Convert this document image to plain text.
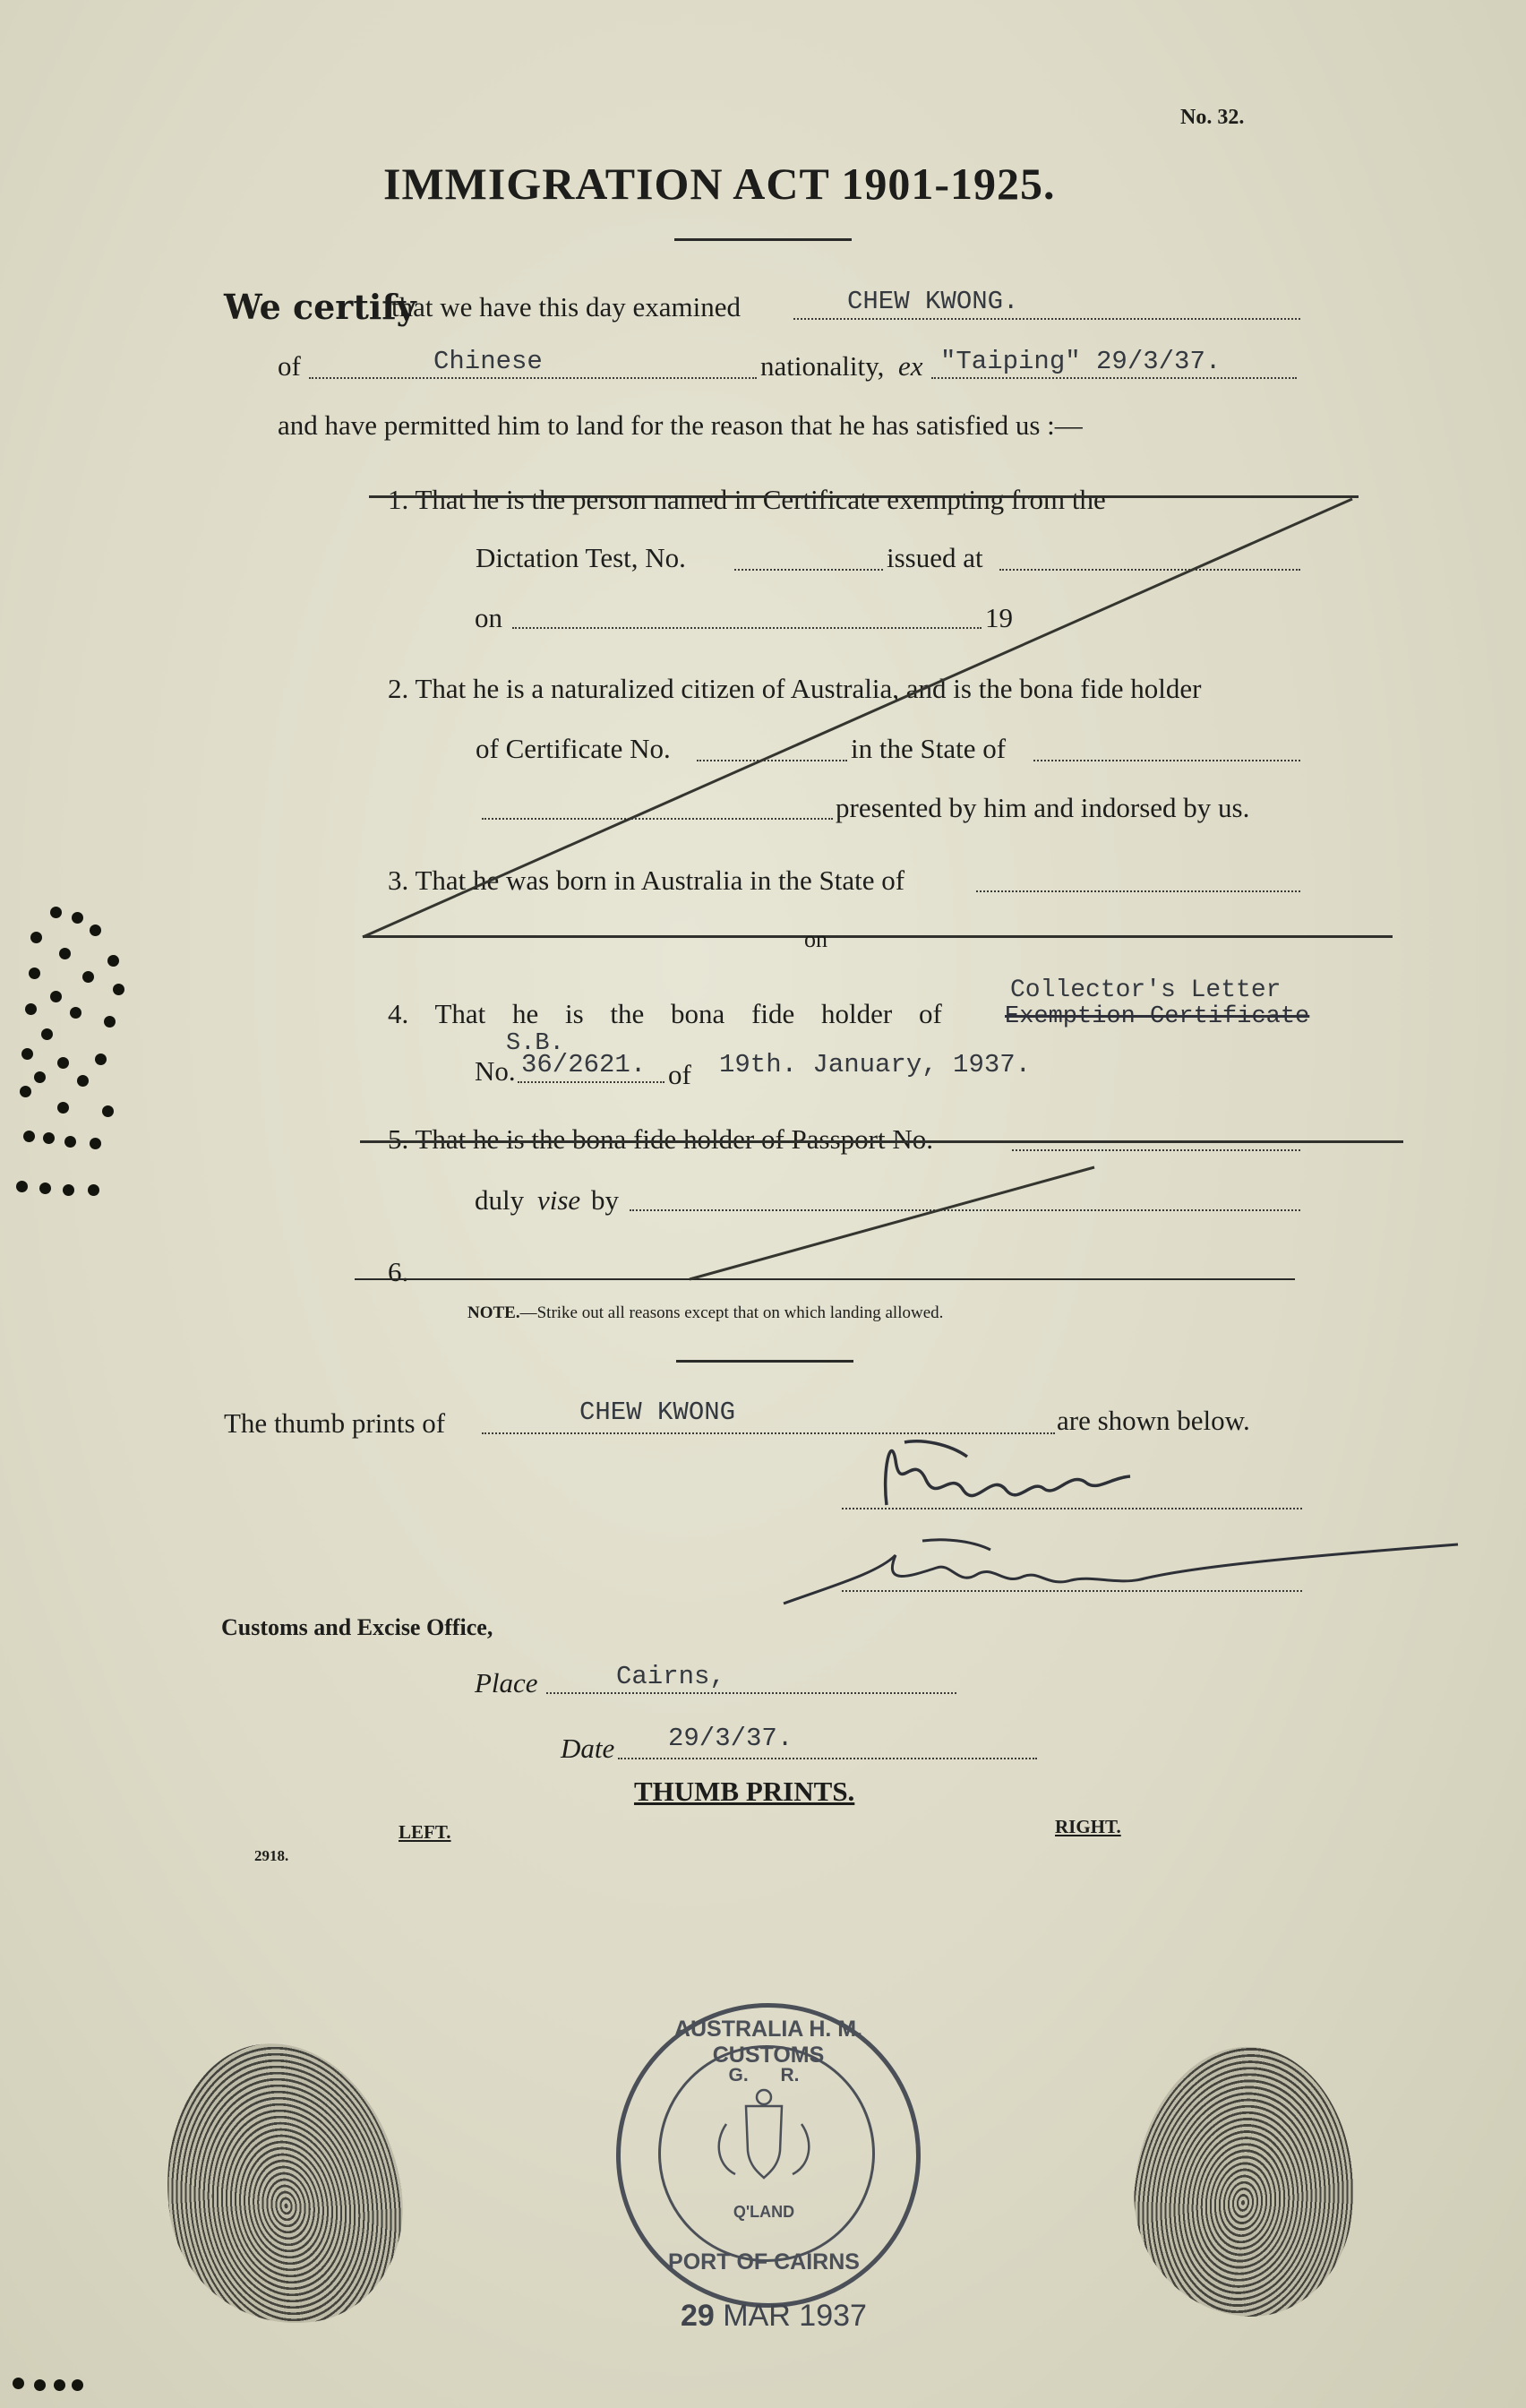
No. 32.
IMMIGRATION ACT 1901-1925.
We certify
that we have this day examined	CHEW KWONG.
of	Chinese	nationality, ex "Taiping" 29/3/37.
and have permitted him to land for the reason that he has satisfied us :—
1. That he is the person named in Certificate exempting from the
Dictation Test, No.	issued at
on	19
2. That he is a naturalized citizen of Australia, and is the bona fide holder
of Certificate No.	in the State of
presented by him and indorsed by us.
3. That he was born in Australia in the State of
on
4. That he is the bona fide holder of
Collector's Letter
Exemption Certificate
S.B.
No. 36/2621. of 19th. January, 1937.
5. That he is the bona fide holder of Passport No.
duly vise by
6.
NOTE.—Strike out all reasons except that on which landing allowed.
The thumb prints of	CHEW KWONG	are shown below.
Customs and Excise Office,
Place	Cairns,
Date 29/3/37.
THUMB PRINTS.
LEFT.	RIGHT.
2918.
AUSTRALIA H. M. CUSTOMS
G. R.
Q'LAND
PORT OF CAIRNS
29 MAR 1937
